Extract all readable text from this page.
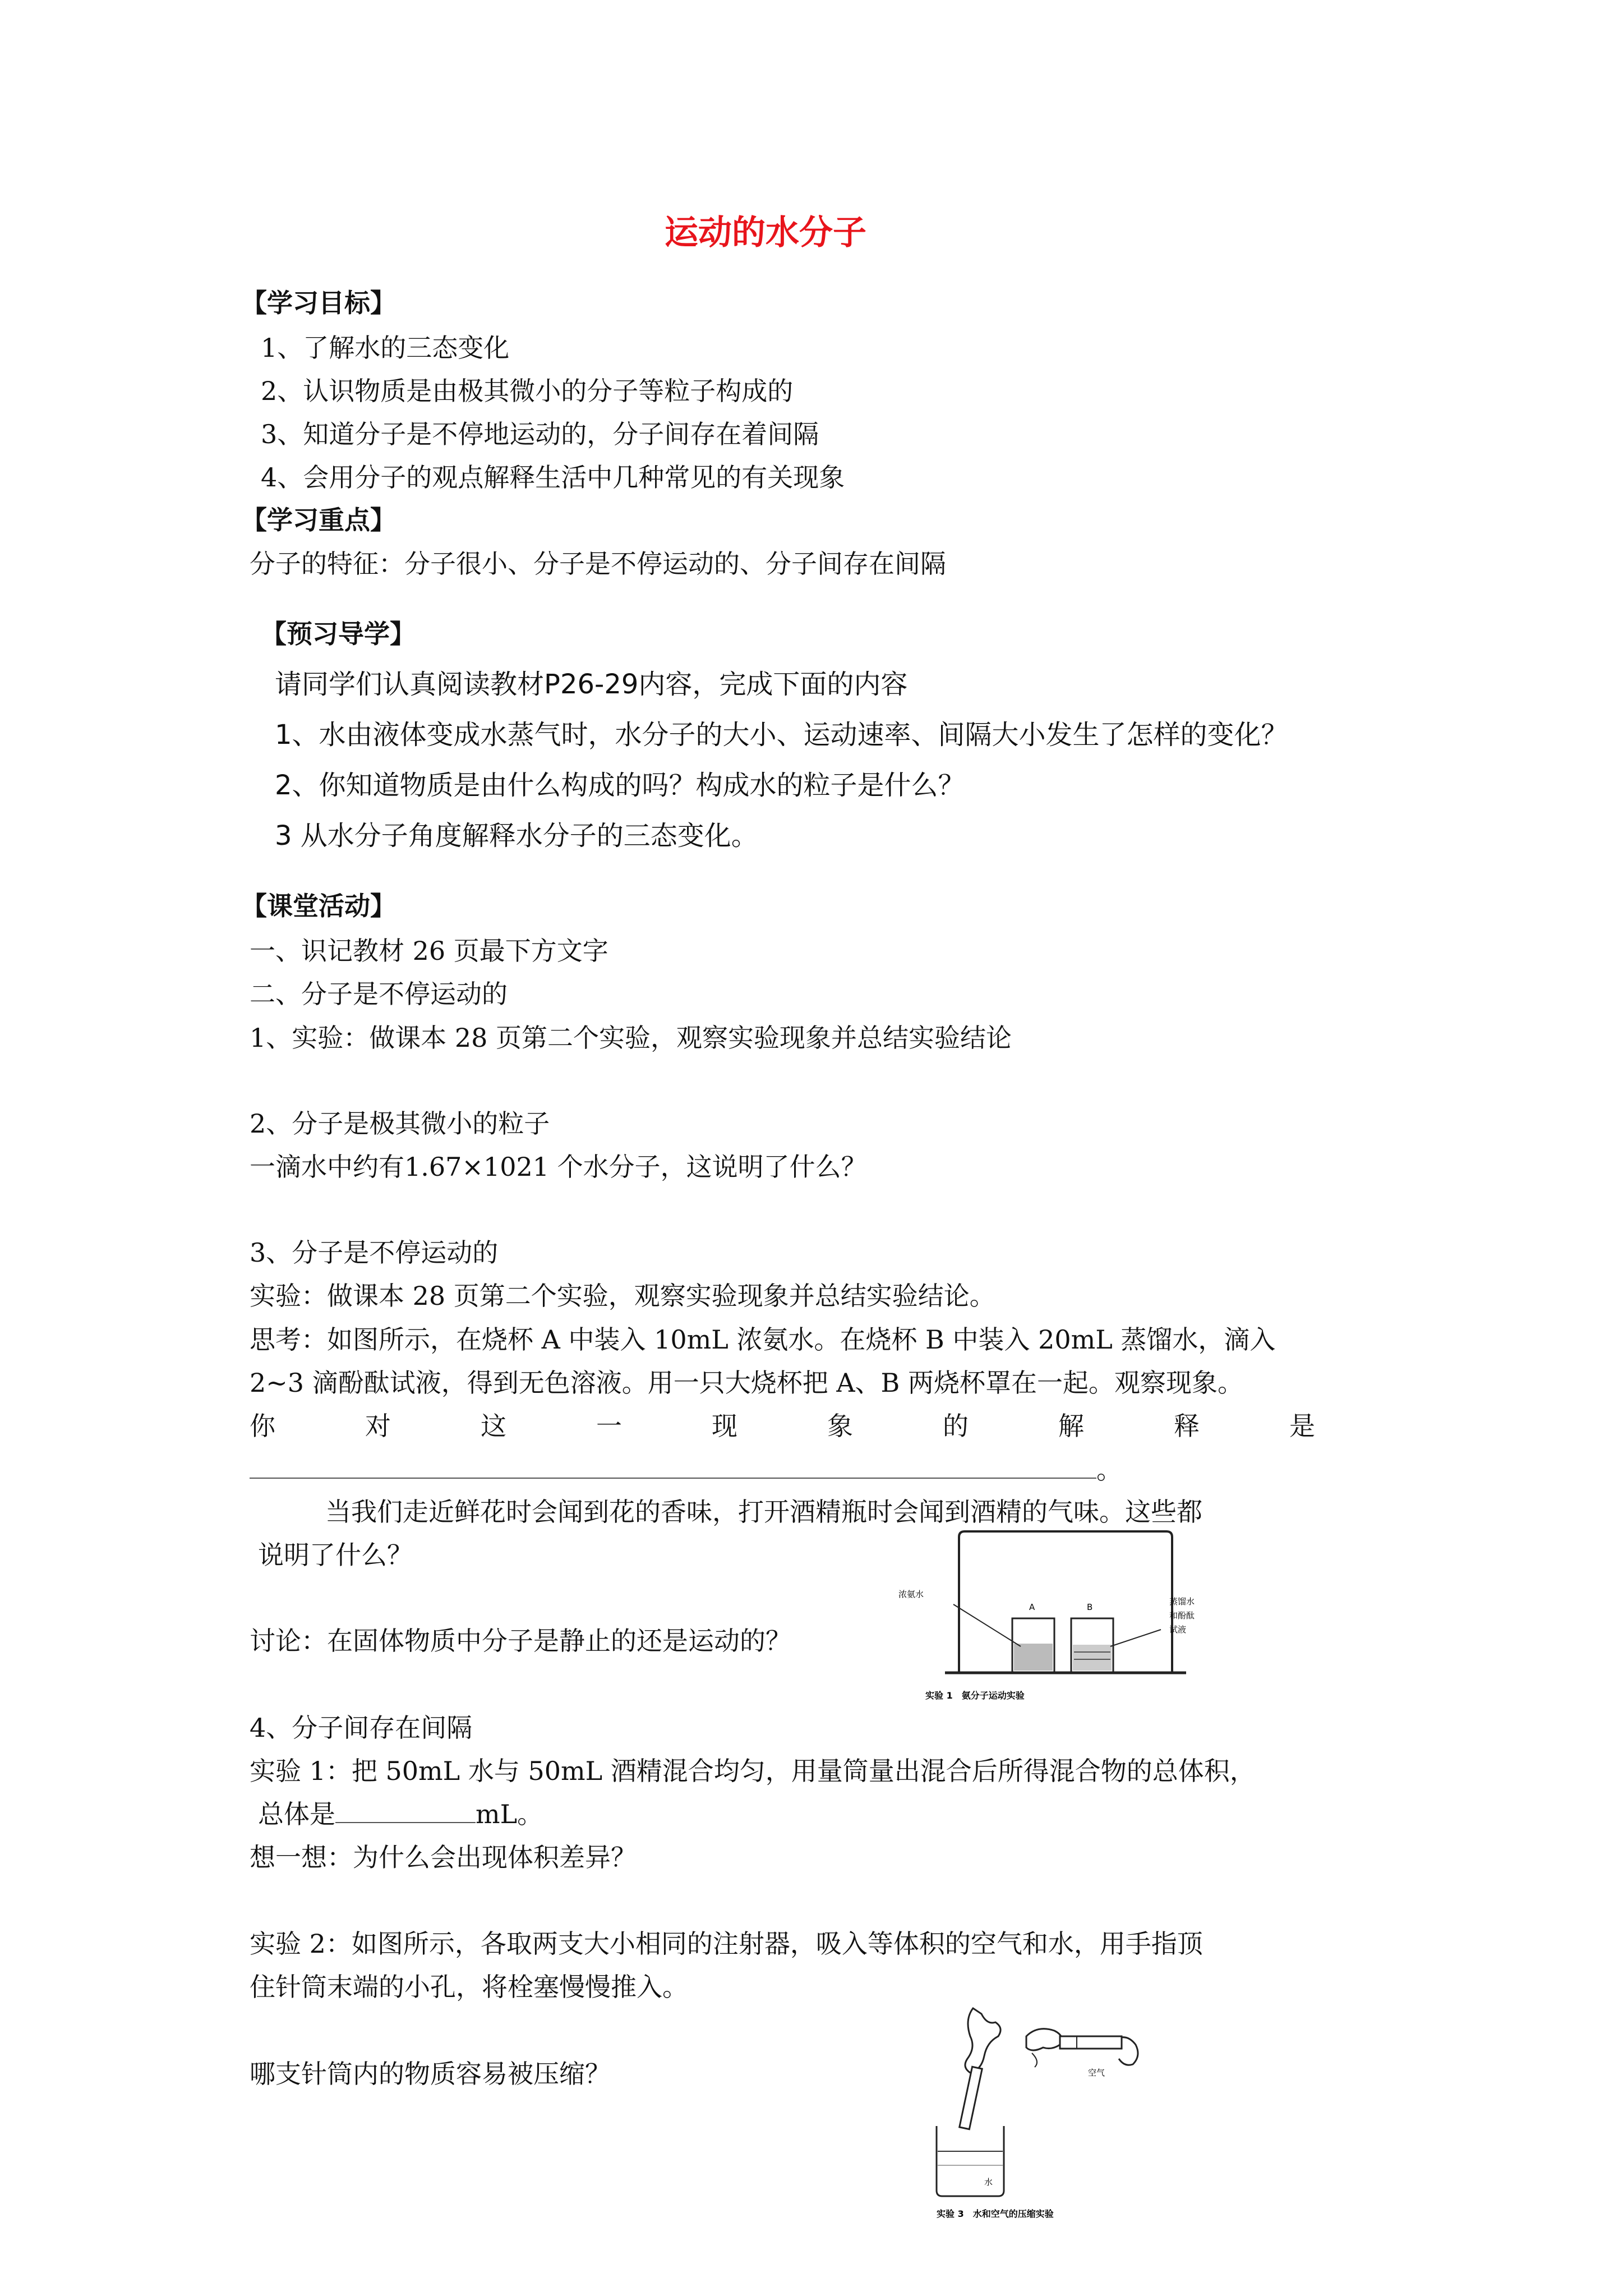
运动的水分子
【学习目标】
1、了解水的三态变化
2、认识物质是由极其微小的分子等粒子构成的
3、知道分子是不停地运动的，分子间存在着间隔
4、会用分子的观点解释生活中几种常见的有关现象
【学习重点】
分子的特征：分子很小、分子是不停运动的、分子间存在间隔
【预习导学】
请同学们认真阅读教材P26-29内容，完成下面的内容
1、水由液体变成水蒸气时，水分子的大小、运动速率、间隔大小发生了怎样的变化？
2、你知道物质是由什么构成的吗？构成水的粒子是什么？
3 从水分子角度解释水分子的三态变化。
【课堂活动】
一、识记教材 26 页最下方文字
二、分子是不停运动的
1、实验：做课本 28 页第二个实验，观察实验现象并总结实验结论
2、分子是极其微小的粒子
一滴水中约有1.67×1021 个水分子，这说明了什么？
3、分子是不停运动的
实验：做课本 28 页第二个实验，观察实验现象并总结实验结论。
思考：如图所示，在烧杯 A 中装入 10mL 浓氨水。在烧杯 B 中装入 20mL 蒸馏水，滴入
2~3 滴酚酞试液，得到无色溶液。用一只大烧杯把 A、B 两烧杯罩在一起。观察现象。
你	对	这	一	现	象	的	解	释	是
。
当我们走近鲜花时会闻到花的香味，打开酒精瓶时会闻到酒精的气味。这些都
说明了什么？
讨论：在固体物质中分子是静止的还是运动的？
4、分子间存在间隔
实验 1：把 50mL 水与 50mL 酒精混合均匀，用量筒量出混合后所得混合物的总体积，
总体是	mL。
想一想：为什么会出现体积差异？
实验 2：如图所示，各取两支大小相同的注射器，吸入等体积的空气和水，用手指顶
住针筒末端的小孔，将栓塞慢慢推入。
哪支针筒内的物质容易被压缩？
浓氨水
A	B
蒸馏水
和酚酞
试液
实验 1　氨分子运动实验
水
空气
实验 3　水和空气的压缩实验
